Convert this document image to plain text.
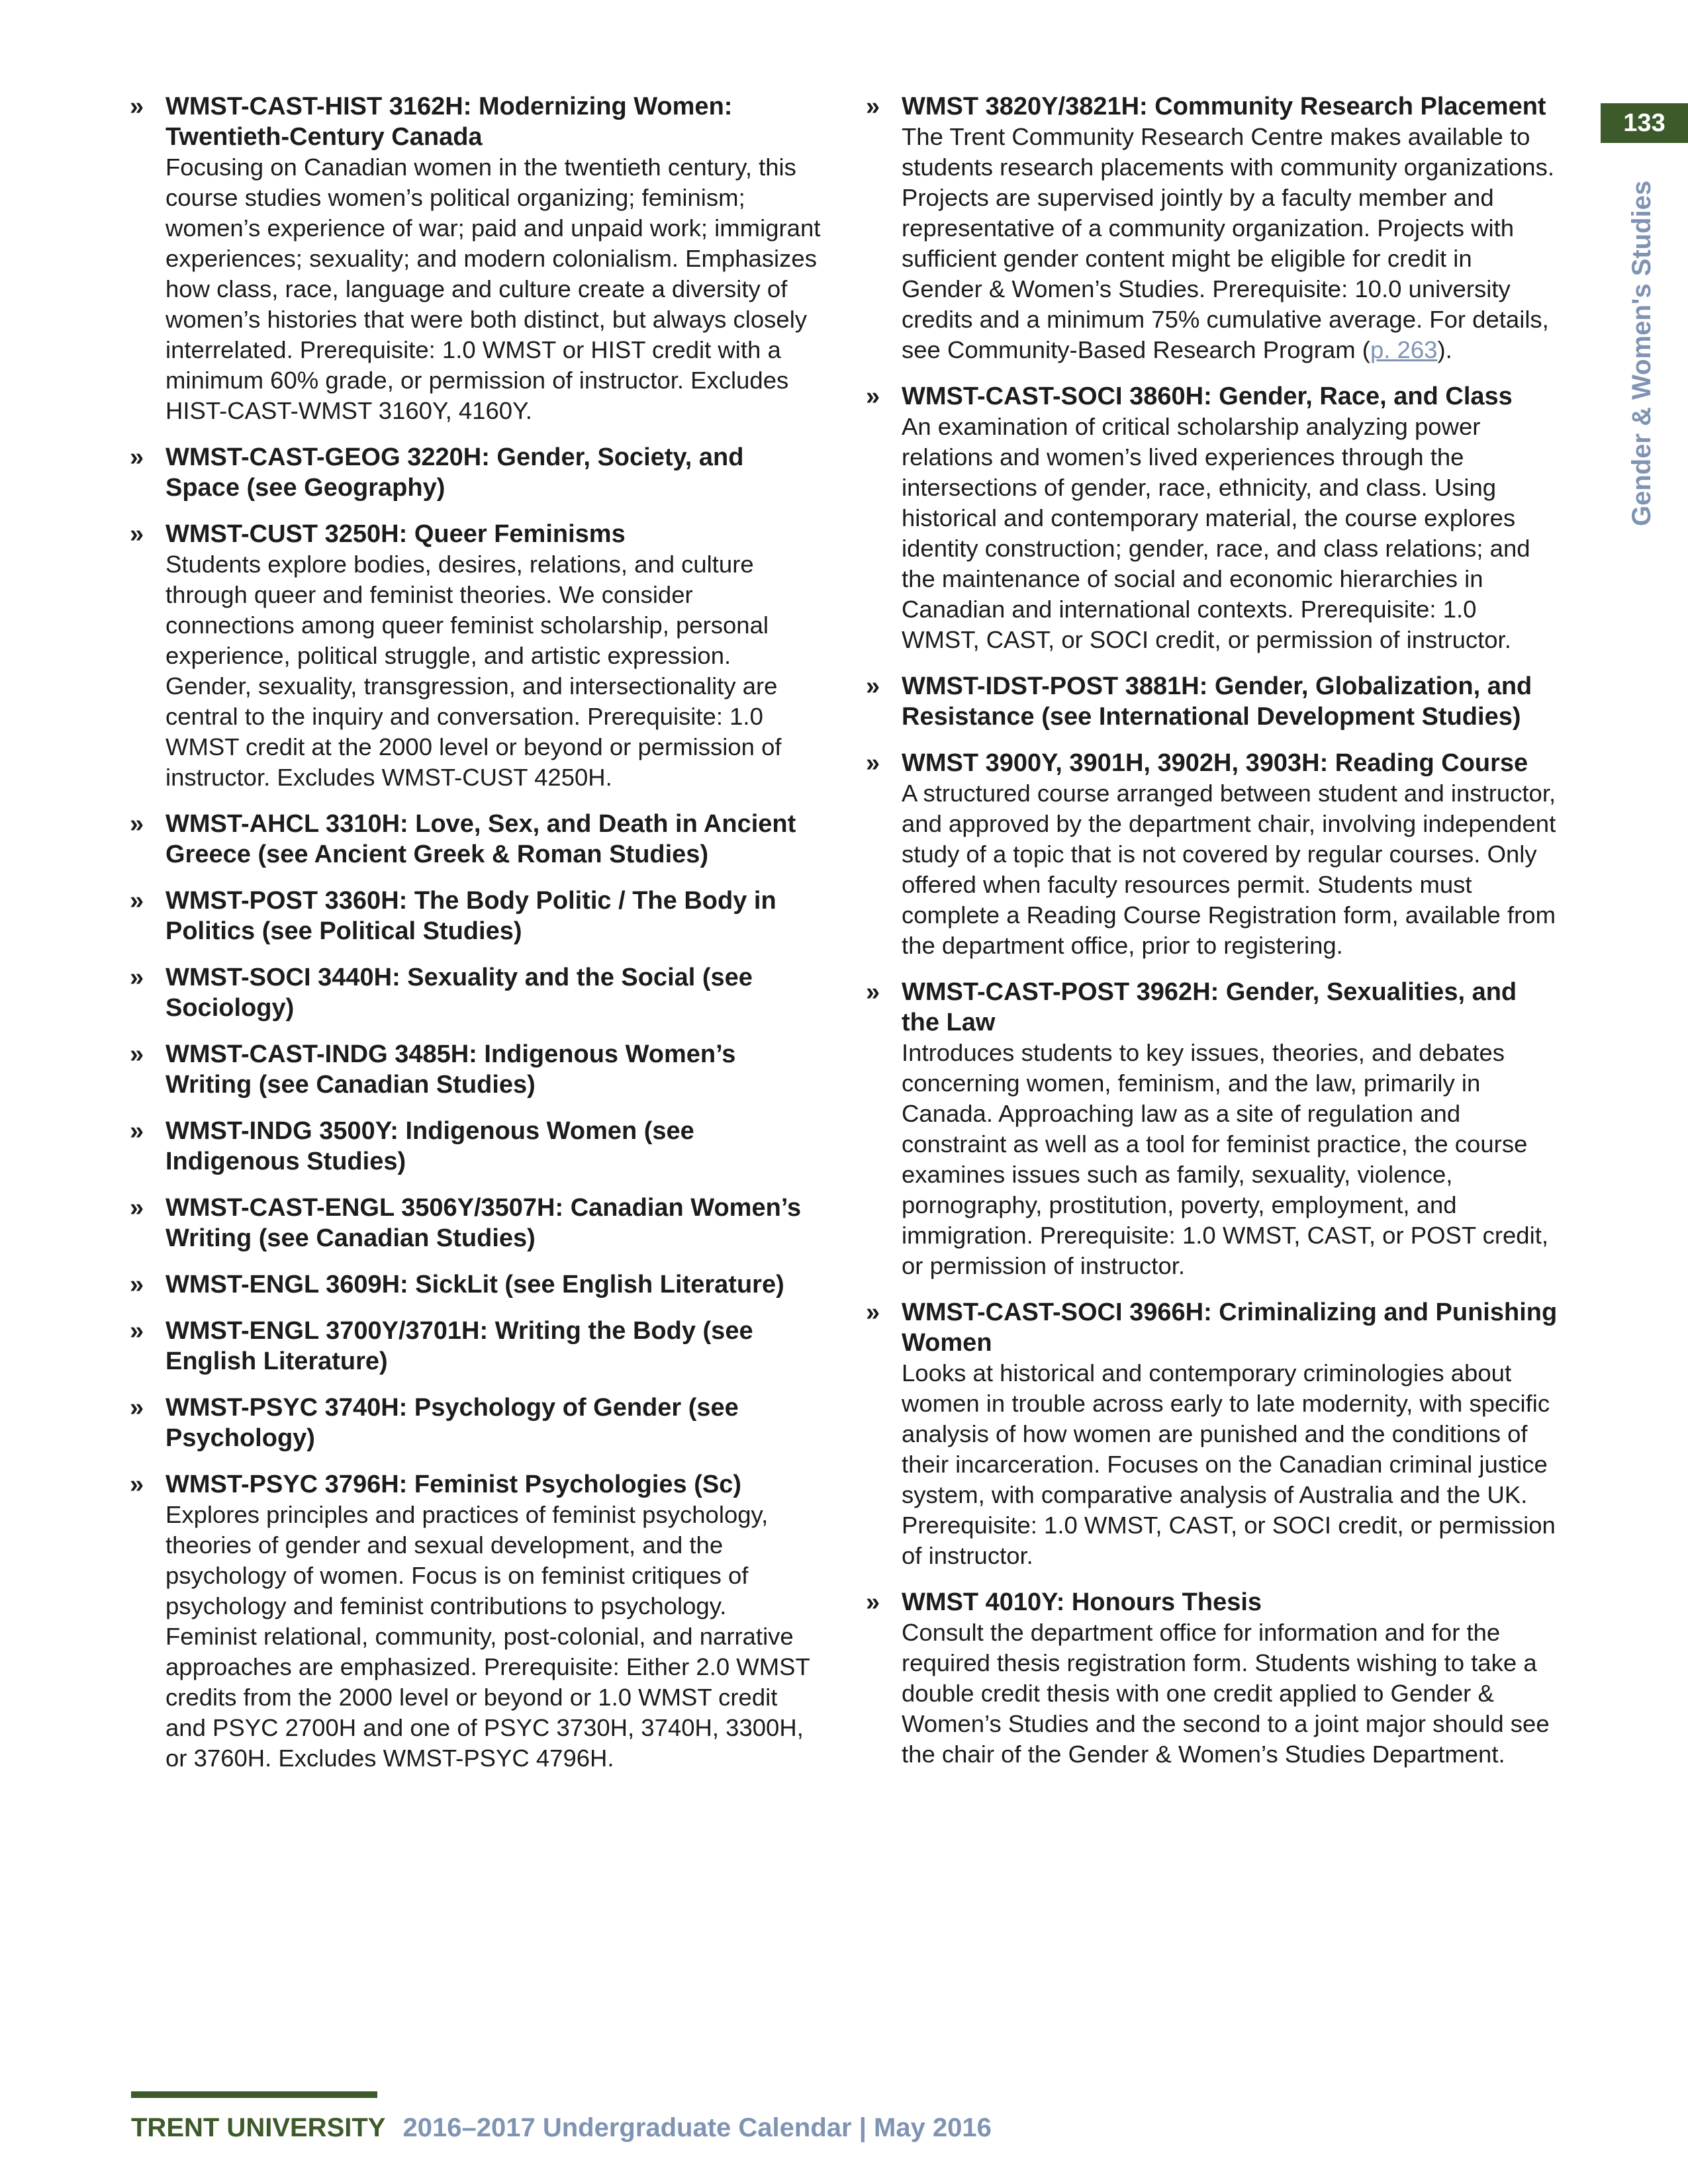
133
Gender & Women's Studies
» WMST-CAST-HIST 3162H: Modernizing Women: Twentieth-Century Canada
Focusing on Canadian women in the twentieth century, this course studies women’s political organizing; feminism; women’s experience of war; paid and unpaid work; immigrant experiences; sexuality; and modern colonialism. Emphasizes how class, race, language and culture create a diversity of women’s histories that were both distinct, but always closely interrelated. Prerequisite: 1.0 WMST or HIST credit with a minimum 60% grade, or permission of instructor. Excludes HIST-CAST-WMST 3160Y, 4160Y.
» WMST-CAST-GEOG 3220H: Gender, Society, and Space (see Geography)
» WMST-CUST 3250H: Queer Feminisms
Students explore bodies, desires, relations, and culture through queer and feminist theories. We consider connections among queer feminist scholarship, personal experience, political struggle, and artistic expression. Gender, sexuality, transgression, and intersectionality are central to the inquiry and conversation. Prerequisite: 1.0 WMST credit at the 2000 level or beyond or permission of instructor. Excludes WMST-CUST 4250H.
» WMST-AHCL 3310H: Love, Sex, and Death in Ancient Greece (see Ancient Greek & Roman Studies)
» WMST-POST 3360H: The Body Politic / The Body in Politics (see Political Studies)
» WMST-SOCI 3440H: Sexuality and the Social (see Sociology)
» WMST-CAST-INDG 3485H: Indigenous Women’s Writing (see Canadian Studies)
» WMST-INDG 3500Y: Indigenous Women (see Indigenous Studies)
» WMST-CAST-ENGL 3506Y/3507H: Canadian Women’s Writing (see Canadian Studies)
» WMST-ENGL 3609H: SickLit (see English Literature)
» WMST-ENGL 3700Y/3701H: Writing the Body (see English Literature)
» WMST-PSYC 3740H: Psychology of Gender (see Psychology)
» WMST-PSYC 3796H: Feminist Psychologies (Sc)
Explores principles and practices of feminist psychology, theories of gender and sexual development, and the psychology of women. Focus is on feminist critiques of psychology and feminist contributions to psychology. Feminist relational, community, post-colonial, and narrative approaches are emphasized. Prerequisite: Either 2.0 WMST credits from the 2000 level or beyond or 1.0 WMST credit and PSYC 2700H and one of PSYC 3730H, 3740H, 3300H, or 3760H. Excludes WMST-PSYC 4796H.
» WMST 3820Y/3821H: Community Research Placement
The Trent Community Research Centre makes available to students research placements with community organizations. Projects are supervised jointly by a faculty member and representative of a community organization. Projects with sufficient gender content might be eligible for credit in Gender & Women’s Studies. Prerequisite: 10.0 university credits and a minimum 75% cumulative average. For details, see Community-Based Research Program (p. 263).
» WMST-CAST-SOCI 3860H: Gender, Race, and Class
An examination of critical scholarship analyzing power relations and women’s lived experiences through the intersections of gender, race, ethnicity, and class. Using historical and contemporary material, the course explores identity construction; gender, race, and class relations; and the maintenance of social and economic hierarchies in Canadian and international contexts. Prerequisite: 1.0 WMST, CAST, or SOCI credit, or permission of instructor.
» WMST-IDST-POST 3881H: Gender, Globalization, and Resistance (see International Development Studies)
» WMST 3900Y, 3901H, 3902H, 3903H: Reading Course
A structured course arranged between student and instructor, and approved by the department chair, involving independent study of a topic that is not covered by regular courses. Only offered when faculty resources permit. Students must complete a Reading Course Registration form, available from the department office, prior to registering.
» WMST-CAST-POST 3962H: Gender, Sexualities, and the Law
Introduces students to key issues, theories, and debates concerning women, feminism, and the law, primarily in Canada. Approaching law as a site of regulation and constraint as well as a tool for feminist practice, the course examines issues such as family, sexuality, violence, pornography, prostitution, poverty, employment, and immigration. Prerequisite: 1.0 WMST, CAST, or POST credit, or permission of instructor.
» WMST-CAST-SOCI 3966H: Criminalizing and Punishing Women
Looks at historical and contemporary criminologies about women in trouble across early to late modernity, with specific analysis of how women are punished and the conditions of their incarceration. Focuses on the Canadian criminal justice system, with comparative analysis of Australia and the UK. Prerequisite: 1.0 WMST, CAST, or SOCI credit, or permission of instructor.
» WMST 4010Y: Honours Thesis
Consult the department office for information and for the required thesis registration form. Students wishing to take a double credit thesis with one credit applied to Gender & Women’s Studies and the second to a joint major should see the chair of the Gender & Women’s Studies Department.
TRENT UNIVERSITY 2016–2017 Undergraduate Calendar | May 2016
